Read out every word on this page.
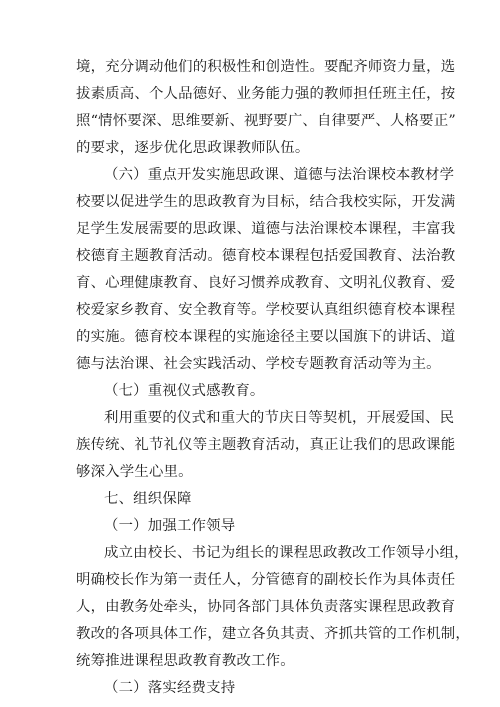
境，充分调动他们的积极性和创造性。要配齐师资力量，选
拔素质高、个人品德好、业务能力强的教师担任班主任，按
照“情怀要深、思维要新、视野要广、自律要严、人格要正”
的要求，逐步优化思政课教师队伍。
（六）重点开发实施思政课、道德与法治课校本教材学
校要以促进学生的思政教育为目标，结合我校实际，开发满
足学生发展需要的思政课、道德与法治课校本课程，丰富我
校德育主题教育活动。德育校本课程包括爱国教育、法治教
育、心理健康教育、良好习惯养成教育、文明礼仪教育、爱
校爱家乡教育、安全教育等。学校要认真组织德育校本课程
的实施。德育校本课程的实施途径主要以国旗下的讲话、道
德与法治课、社会实践活动、学校专题教育活动等为主。
（七）重视仪式感教育。
利用重要的仪式和重大的节庆日等契机，开展爱国、民
族传统、礼节礼仪等主题教育活动，真正让我们的思政课能
够深入学生心里。
七、组织保障
（一）加强工作领导
成立由校长、书记为组长的课程思政教改工作领导小组，
明确校长作为第一责任人，分管德育的副校长作为具体责任
人，由教务处牵头，协同各部门具体负责落实课程思政教育
教改的各项具体工作，建立各负其责、齐抓共管的工作机制，
统筹推进课程思政教育教改工作。
（二）落实经费支持
